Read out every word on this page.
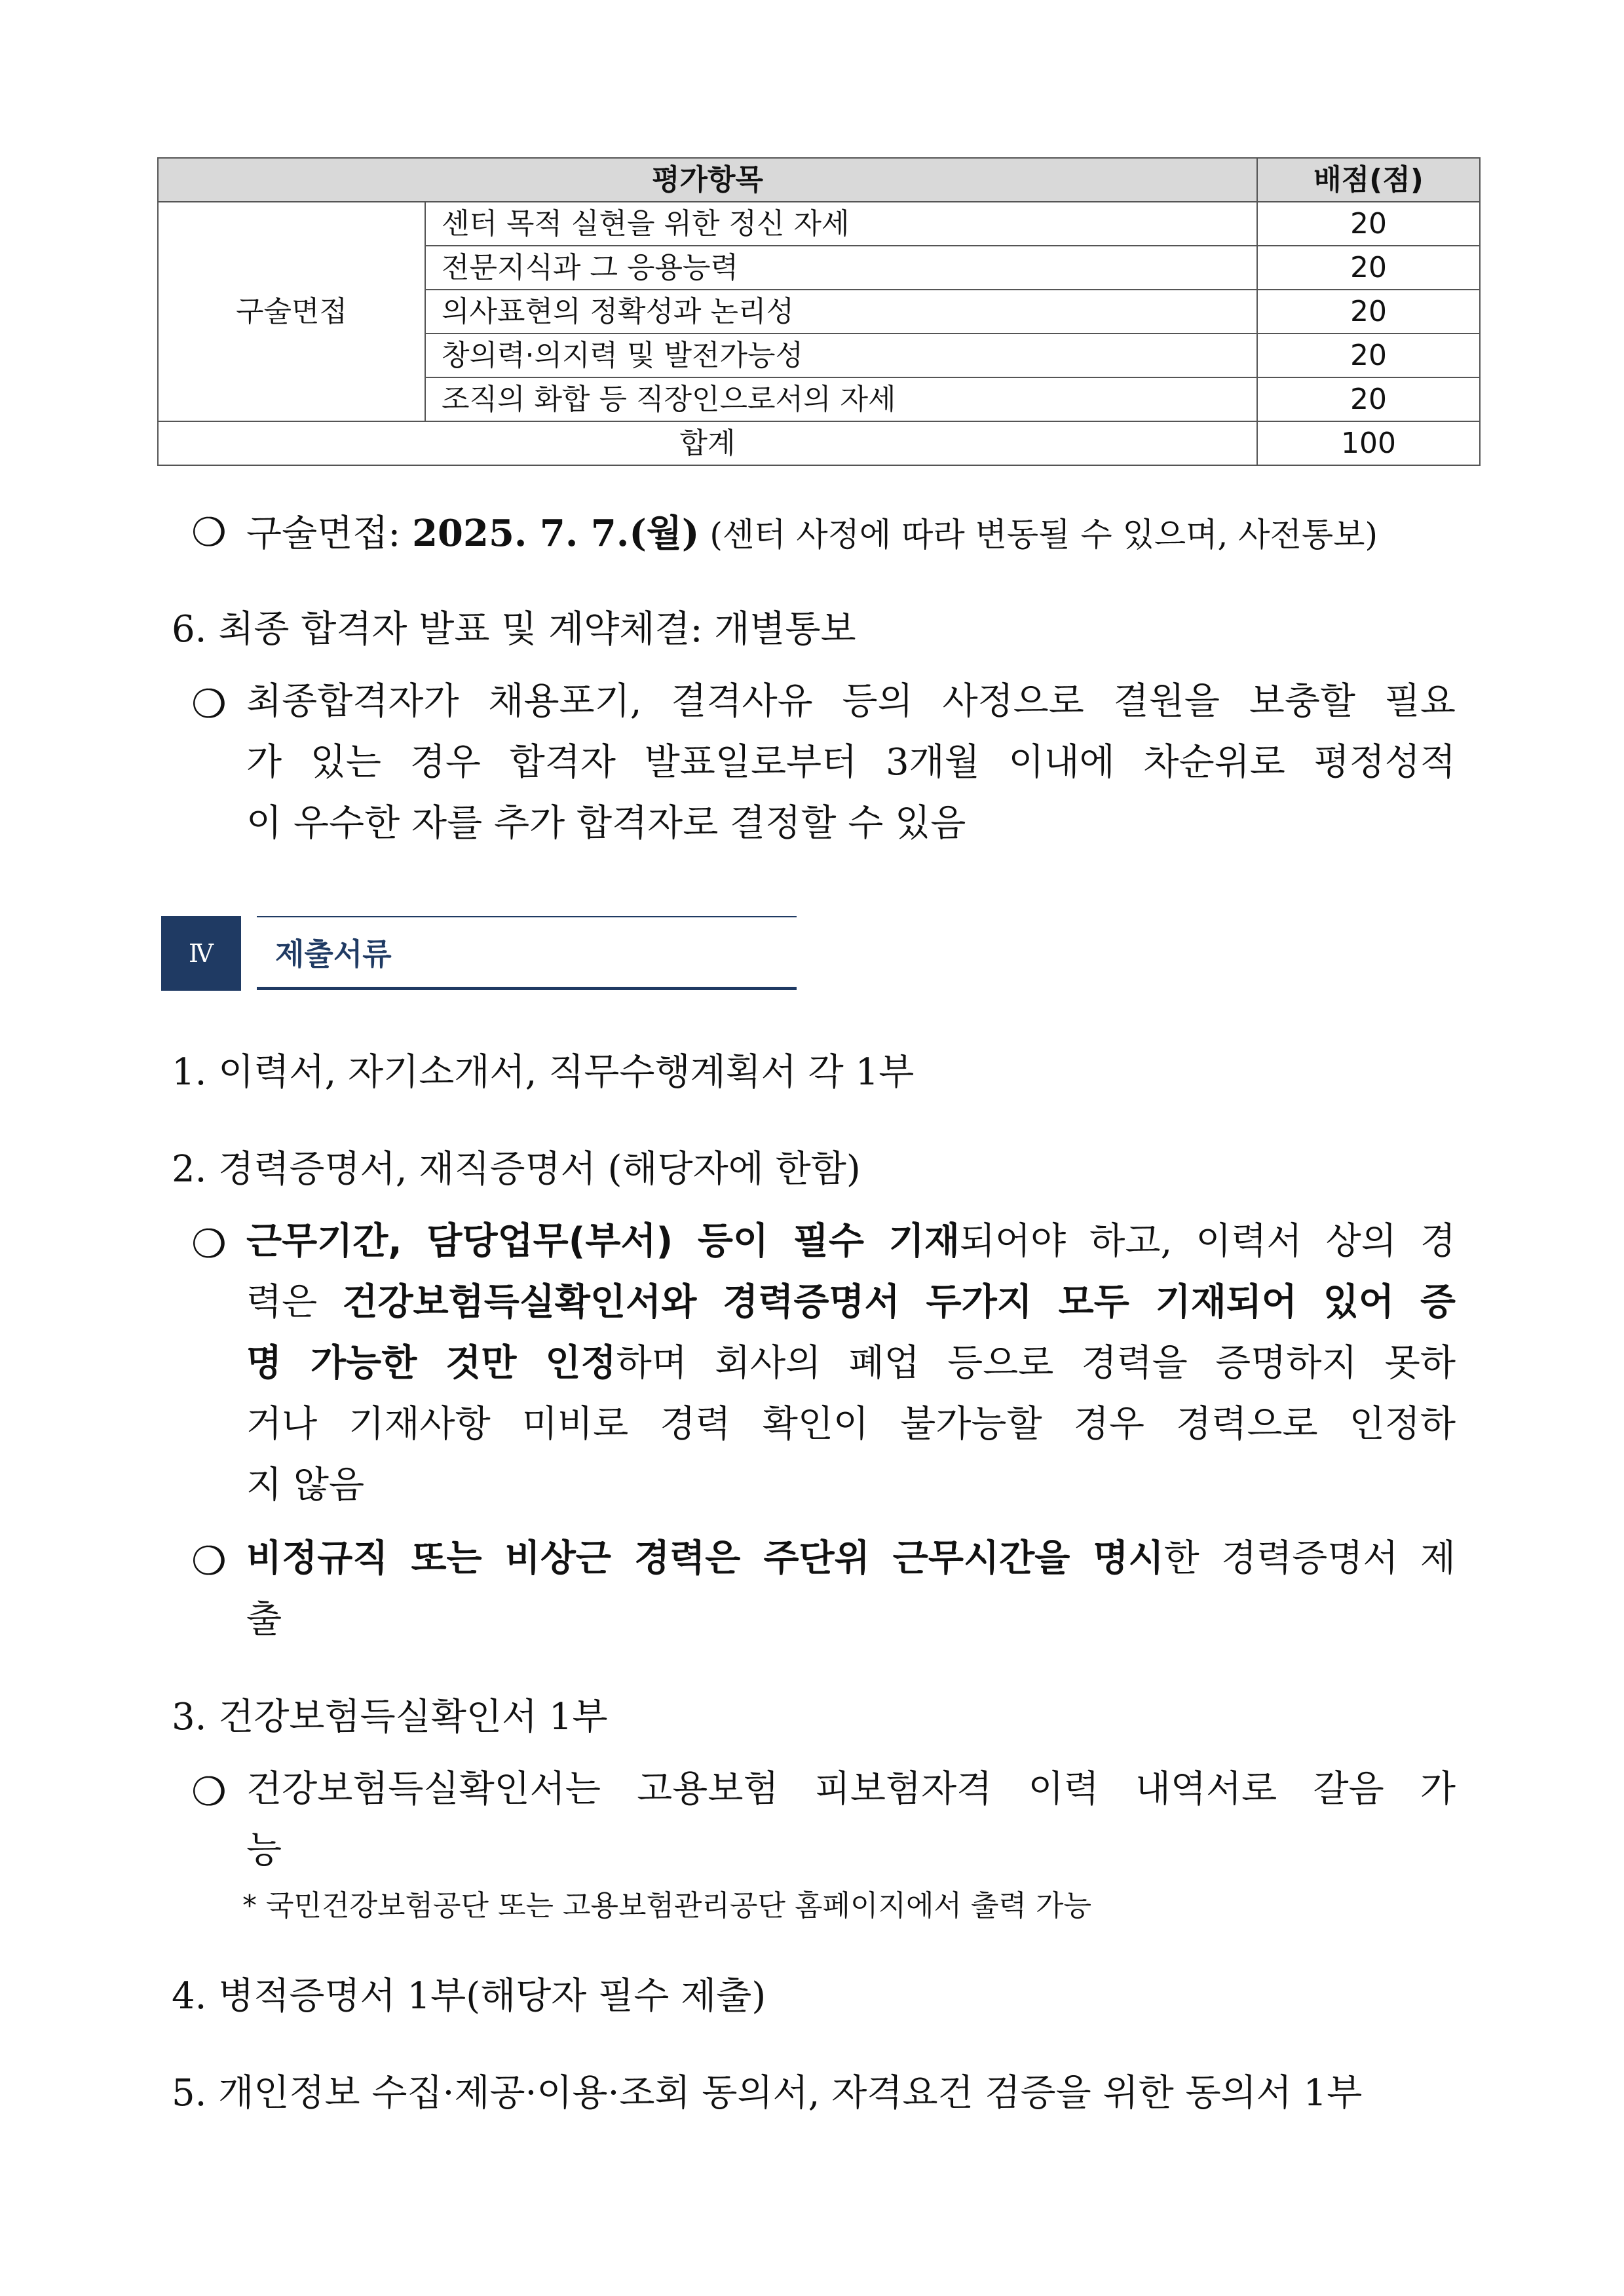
평가항목		배점(점)
구술면접	센터 목적 실현을 위한 정신 자세	20
	전문지식과 그 응용능력	20
	의사표현의 정확성과 논리성	20
	창의력·의지력 및 발전가능성	20
	조직의 화합 등 직장인으로서의 자세	20
합계		100
❍ 구술면접: 2025. 7. 7.(월) (센터 사정에 따라 변동될 수 있으며, 사전통보)
6. 최종 합격자 발표 및 계약체결: 개별통보
❍ 최종합격자가 채용포기, 결격사유 등의 사정으로 결원을 보충할 필요
가 있는 경우 합격자 발표일로부터 3개월 이내에 차순위로 평정성적
이 우수한 자를 추가 합격자로 결정할 수 있음
Ⅳ	제출서류
1. 이력서, 자기소개서, 직무수행계획서 각 1부
2. 경력증명서, 재직증명서 (해당자에 한함)
❍ 근무기간, 담당업무(부서) 등이 필수 기재되어야 하고, 이력서 상의 경
력은 건강보험득실확인서와 경력증명서 두가지 모두 기재되어 있어 증
명 가능한 것만 인정하며 회사의 폐업 등으로 경력을 증명하지 못하
거나 기재사항 미비로 경력 확인이 불가능할 경우 경력으로 인정하
지 않음
❍ 비정규직 또는 비상근 경력은 주단위 근무시간을 명시한 경력증명서 제
출
3. 건강보험득실확인서 1부
❍ 건강보험득실확인서는 고용보험 피보험자격 이력 내역서로 갈음 가
능
* 국민건강보험공단 또는 고용보험관리공단 홈페이지에서 출력 가능
4. 병적증명서 1부(해당자 필수 제출)
5. 개인정보 수집·제공·이용·조회 동의서, 자격요건 검증을 위한 동의서 1부
